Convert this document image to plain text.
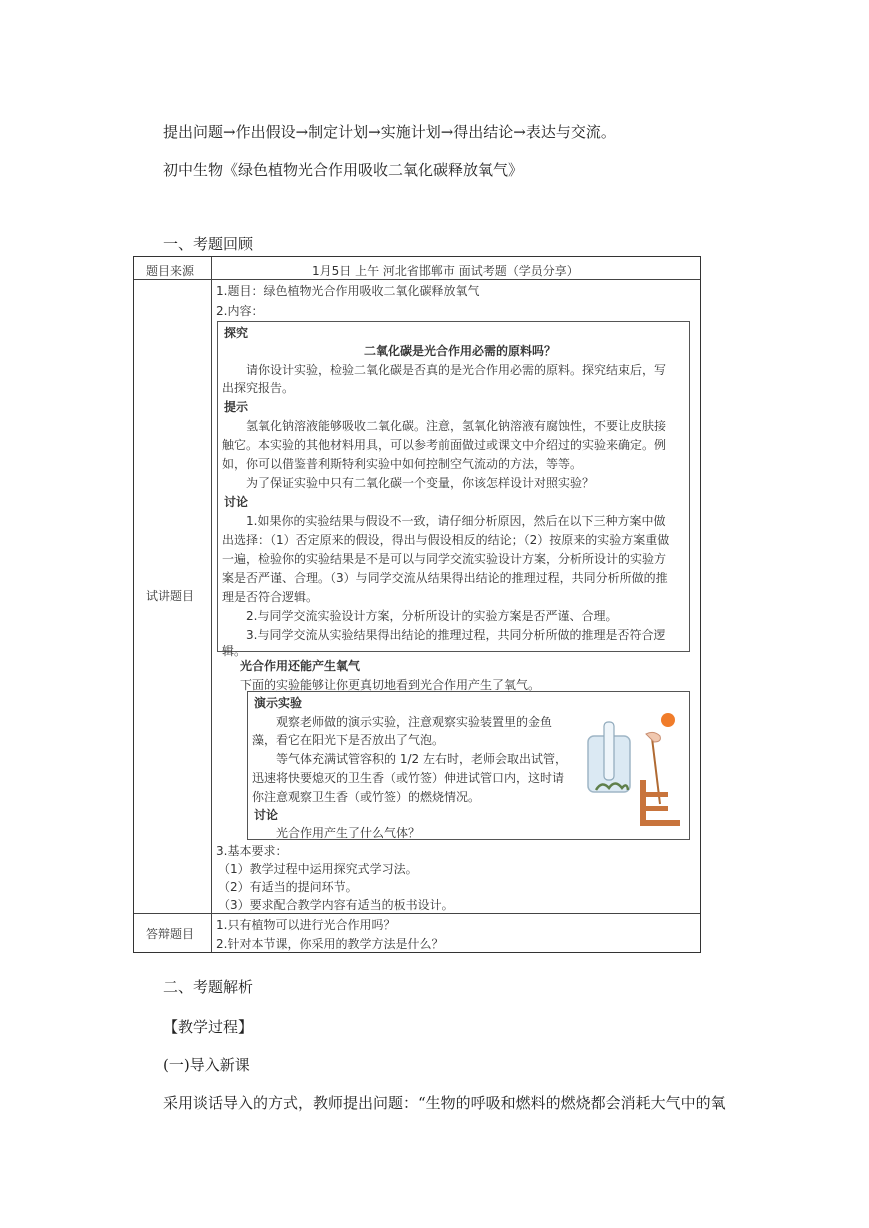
提出问题→作出假设→制定计划→实施计划→得出结论→表达与交流。
初中生物《绿色植物光合作用吸收二氧化碳释放氧气》
一、考题回顾
题目来源	1月5日 上午 河北省邯郸市 面试考题（学员分享）
试讲题目
1.题目：绿色植物光合作用吸收二氧化碳释放氧气
2.内容：
探究
二氧化碳是光合作用必需的原料吗？
请你设计实验，检验二氧化碳是否真的是光合作用必需的原料。探究结束后，写
出探究报告。
提示
氢氧化钠溶液能够吸收二氧化碳。注意，氢氧化钠溶液有腐蚀性，不要让皮肤接
触它。本实验的其他材料用具，可以参考前面做过或课文中介绍过的实验来确定。例
如，你可以借鉴普利斯特利实验中如何控制空气流动的方法，等等。
为了保证实验中只有二氧化碳一个变量，你该怎样设计对照实验？
讨论
1.如果你的实验结果与假设不一致，请仔细分析原因，然后在以下三种方案中做
出选择：（1）否定原来的假设，得出与假设相反的结论；（2）按原来的实验方案重做
一遍，检验你的实验结果是不是可以与同学交流实验设计方案，分析所设计的实验方
案是否严谨、合理。（3）与同学交流从结果得出结论的推理过程，共同分析所做的推
理是否符合逻辑。
2.与同学交流实验设计方案，分析所设计的实验方案是否严谨、合理。
3.与同学交流从实验结果得出结论的推理过程，共同分析所做的推理是否符合逻
辑。
光合作用还能产生氧气
下面的实验能够让你更真切地看到光合作用产生了氧气。
演示实验
观察老师做的演示实验，注意观察实验装置里的金鱼
藻，看它在阳光下是否放出了气泡。
等气体充满试管容积的 1/2 左右时，老师会取出试管，
迅速将快要熄灭的卫生香（或竹签）伸进试管口内，这时请
你注意观察卫生香（或竹签）的燃烧情况。
讨论
光合作用产生了什么气体？
3.基本要求：
（1）教学过程中运用探究式学习法。
（2）有适当的提问环节。
（3）要求配合教学内容有适当的板书设计。
答辩题目
1.只有植物可以进行光合作用吗？
2.针对本节课，你采用的教学方法是什么？
二、考题解析
【教学过程】
(一)导入新课
采用谈话导入的方式，教师提出问题：“生物的呼吸和燃料的燃烧都会消耗大气中的氧
